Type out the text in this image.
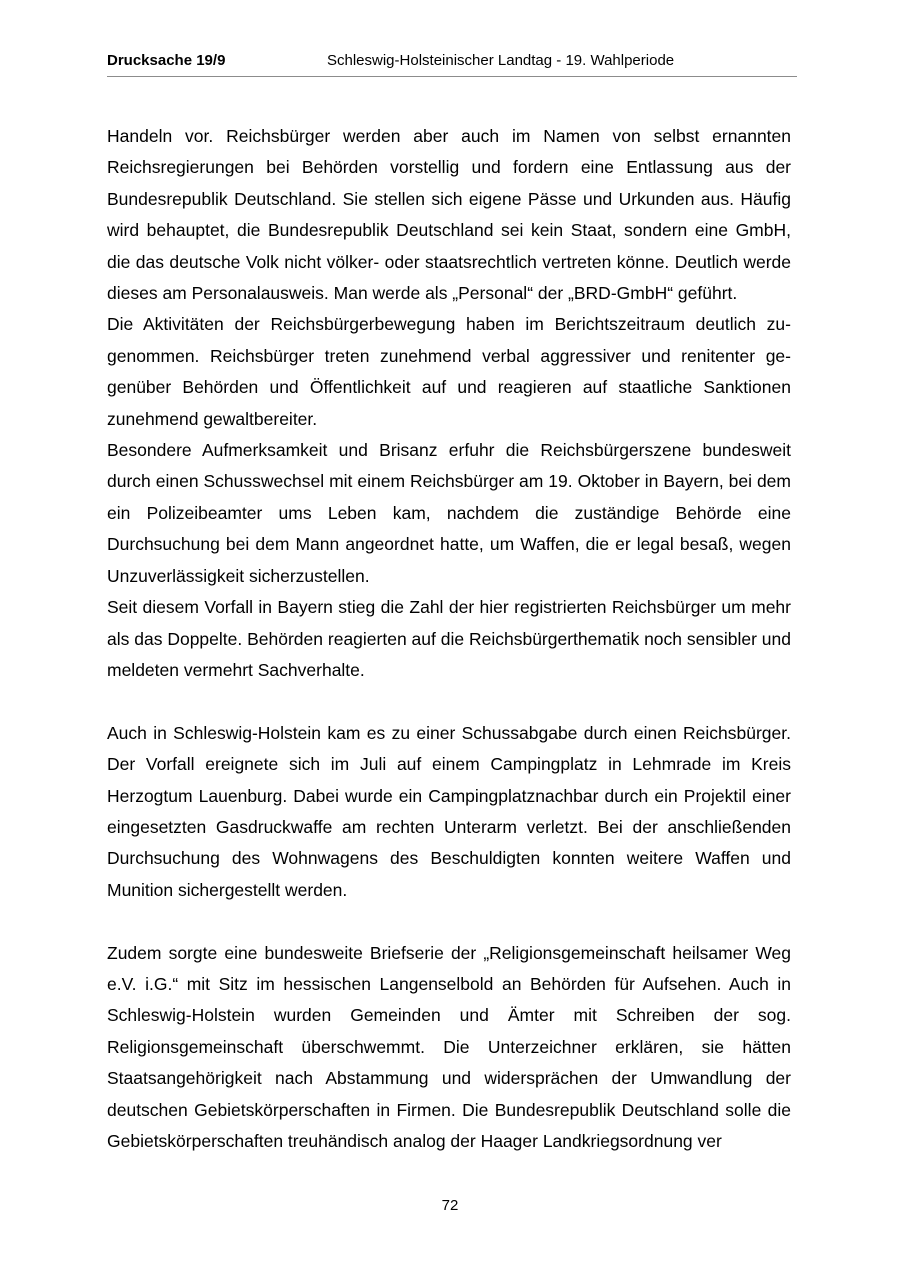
Drucksache 19/9	Schleswig-Holsteinischer Landtag - 19. Wahlperiode

Handeln vor. Reichsbürger werden aber auch im Namen von selbst ernannten Reichsregierungen bei Behörden vorstellig und fordern eine Entlassung aus der Bundesrepublik Deutschland. Sie stellen sich eigene Pässe und Urkunden aus. Häufig wird behauptet, die Bundesrepublik Deutschland sei kein Staat, sondern eine GmbH, die das deutsche Volk nicht völker- oder staatsrechtlich vertreten könne. Deutlich werde dieses am Personalausweis. Man werde als „Personal“ der „BRD-GmbH“ geführt.

Die Aktivitäten der Reichsbürgerbewegung haben im Berichtszeitraum deutlich zugenommen. Reichsbürger treten zunehmend verbal aggressiver und renitenter gegenüber Behörden und Öffentlichkeit auf und reagieren auf staatliche Sanktionen zunehmend gewaltbereiter.

Besondere Aufmerksamkeit und Brisanz erfuhr die Reichsbürgerszene bundesweit durch einen Schusswechsel mit einem Reichsbürger am 19. Oktober in Bayern, bei dem ein Polizeibeamter ums Leben kam, nachdem die zuständige Behörde eine Durchsuchung bei dem Mann angeordnet hatte, um Waffen, die er legal besaß, wegen Unzuverlässigkeit sicherzustellen.

Seit diesem Vorfall in Bayern stieg die Zahl der hier registrierten Reichsbürger um mehr als das Doppelte. Behörden reagierten auf die Reichsbürgerthematik noch sensibler und meldeten vermehrt Sachverhalte.

Auch in Schleswig-Holstein kam es zu einer Schussabgabe durch einen Reichsbürger. Der Vorfall ereignete sich im Juli auf einem Campingplatz in Lehmrade im Kreis Herzogtum Lauenburg. Dabei wurde ein Campingplatznachbar durch ein Projektil einer eingesetzten Gasdruckwaffe am rechten Unterarm verletzt. Bei der anschließenden Durchsuchung des Wohnwagens des Beschuldigten konnten weitere Waffen und Munition sichergestellt werden.

Zudem sorgte eine bundesweite Briefserie der „Religionsgemeinschaft heilsamer Weg e.V. i.G.“ mit Sitz im hessischen Langenselbold an Behörden für Aufsehen. Auch in Schleswig-Holstein wurden Gemeinden und Ämter mit Schreiben der sog. Religionsgemeinschaft überschwemmt. Die Unterzeichner erklären, sie hätten Staatsangehörigkeit nach Abstammung und widersprächen der Umwandlung der deutschen Gebietskörperschaften in Firmen. Die Bundesrepublik Deutschland solle die Gebietskörperschaften treuhändisch analog der Haager Landkriegsordnung ver

72
